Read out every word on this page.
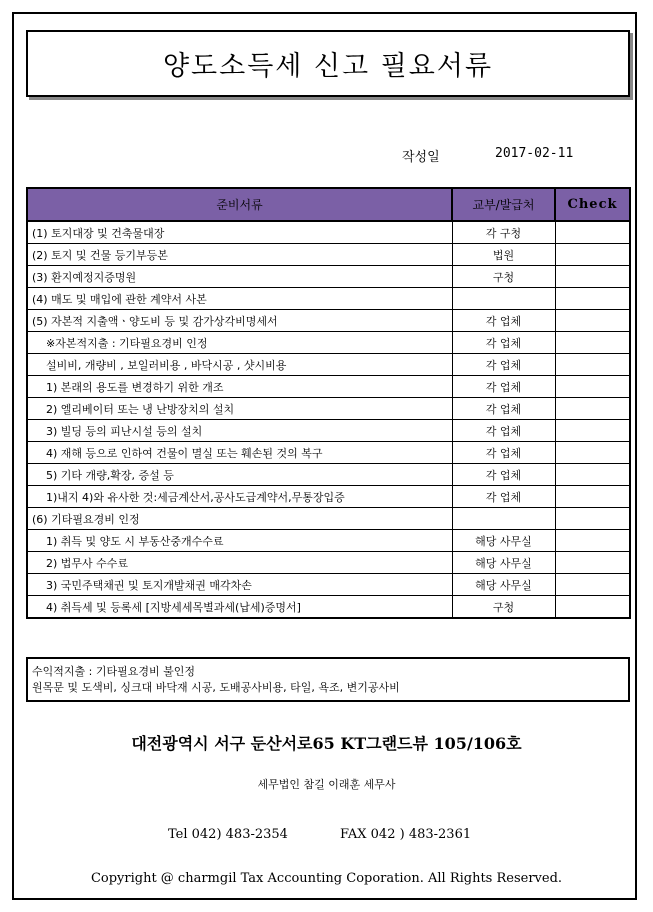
양도소득세 신고 필요서류
작성일	2017-02-11
준비서류	교부/발급처	Check
(1) 토지대장 및 건축물대장	각 구청	
(2) 토지 및 건물 등기부등본	법원	
(3) 환지예정지증명원	구청	
(4) 매도 및 매입에 관한 계약서 사본		
(5) 자본적 지출액ㆍ양도비 등 및 감가상각비명세서	각 업체	
※자본적지출 : 기타필요경비 인정	각 업체	
설비비, 개량비 , 보일러비용 , 바닥시공 , 샷시비용	각 업체	
1) 본래의 용도를 변경하기 위한 개조	각 업체	
2) 엘리베이터 또는 냉 난방장치의 설치	각 업체	
3) 빌딩 등의 피난시설 등의 설치	각 업체	
4) 재해 등으로 인하여 건물이 멸실 또는 훼손된 것의 복구	각 업체	
5) 기타 개량,확장, 증설 등	각 업체	
1)내지 4)와 유사한 것:세금계산서,공사도급계약서,무통장입증	각 업체	
(6) 기타필요경비 인정		
1) 취득 및 양도 시 부동산중개수수료	해당 사무실	
2) 법무사 수수료	해당 사무실	
3) 국민주택채권 및 토지개발채권 매각차손	해당 사무실	
4) 취득세 및 등록세 [지방세세목별과세(납세)증명서]	구청	
수익적지출 : 기타필요경비 불인정
원목문 및 도색비, 싱크대 바닥재 시공, 도배공사비용, 타일, 욕조, 변기공사비
대전광역시 서구 둔산서로65 KT그랜드뷰 105/106호
세무법인 참길 이래훈 세무사
Tel 042) 483-2354	FAX 042 ) 483-2361
Copyright @ charmgil Tax Accounting Coporation. All Rights Reserved.
